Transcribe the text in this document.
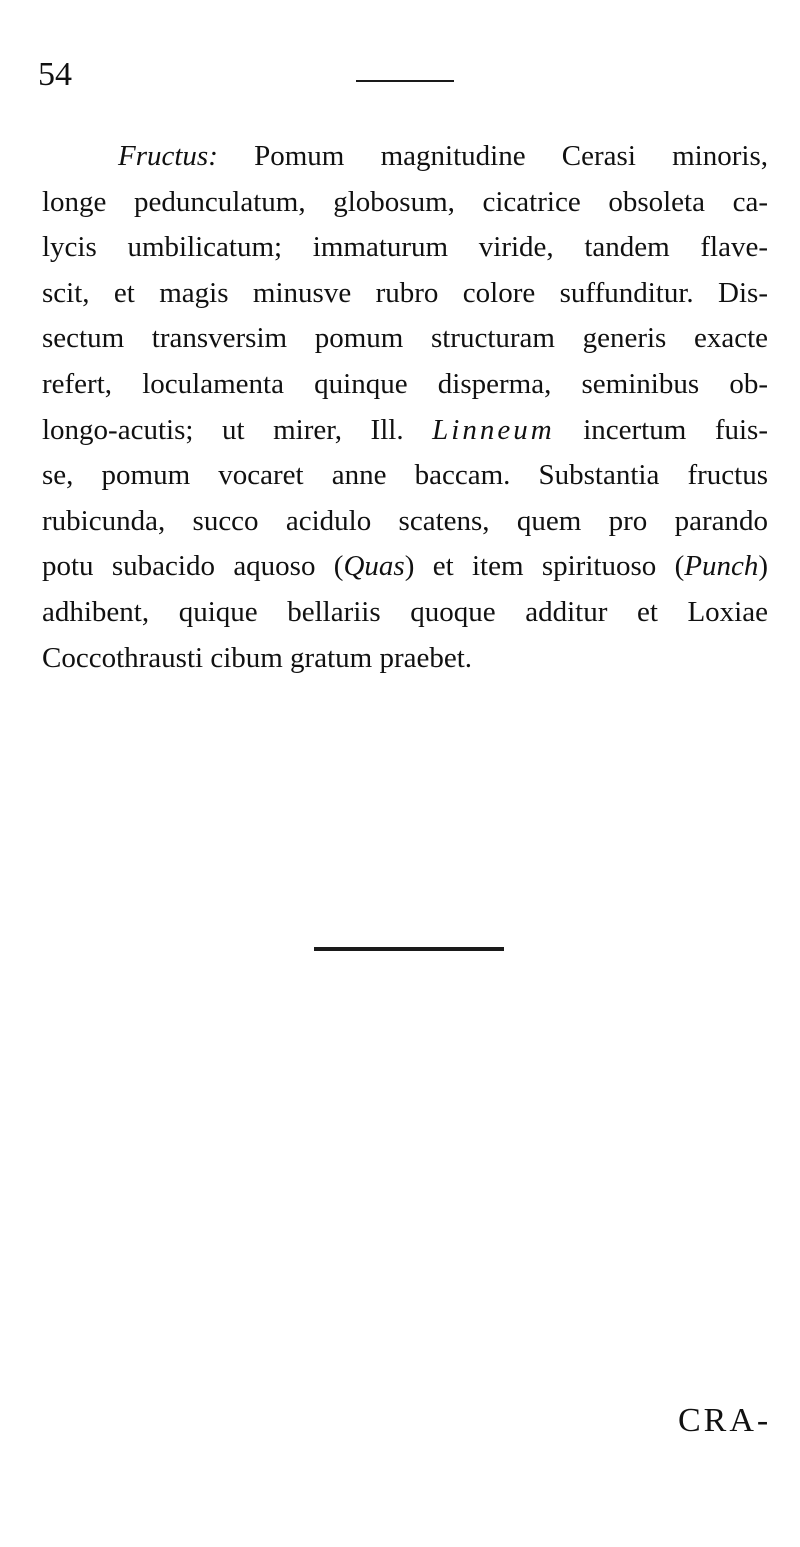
54
Fructus: Pomum magnitudine Cerasi minoris,
longe pedunculatum, globosum, cicatrice obsoleta ca-
lycis umbilicatum; immaturum viride, tandem flave-
scit, et magis minusve rubro colore suffunditur. Dis-
sectum transversim pomum structuram generis exacte
refert, loculamenta quinque disperma, seminibus ob-
longo-acutis; ut mirer, Ill. Linneum incertum fuis-
se, pomum vocaret anne baccam. Substantia fructus
rubicunda, succo acidulo scatens, quem pro parando
potu subacido aquoso (Quas) et item spirituoso (Punch)
adhibent, quique bellariis quoque additur et Loxiae
Coccothrausti cibum gratum praebet.
CRA-
